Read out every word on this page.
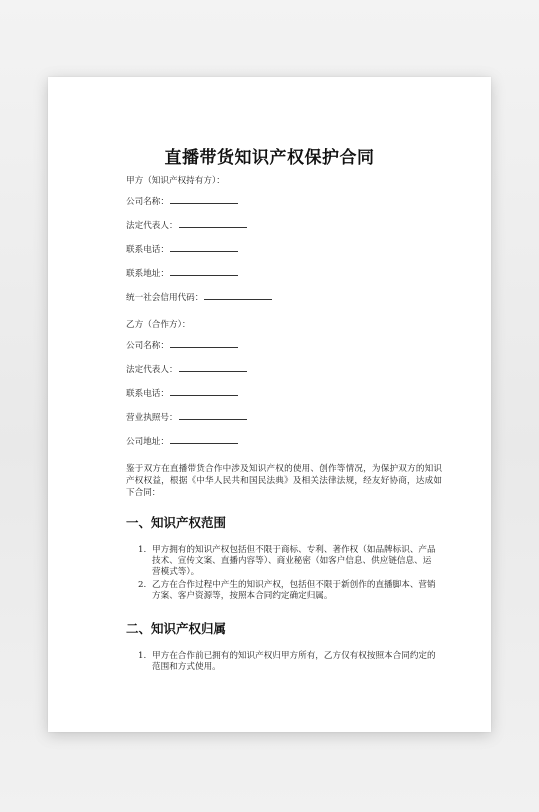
直播带货知识产权保护合同
甲方（知识产权持有方）：
公司名称：
法定代表人：
联系电话：
联系地址：
统一社会信用代码：
乙方（合作方）：
公司名称：
法定代表人：
联系电话：
营业执照号：
公司地址：
鉴于双方在直播带货合作中涉及知识产权的使用、创作等情况，为保护双方的知识产权权益，根据《中华人民共和国民法典》及相关法律法规，经友好协商，达成如下合同：
一、知识产权范围
1. 甲方拥有的知识产权包括但不限于商标、专利、著作权（如品牌标识、产品技术、宣传文案、直播内容等）、商业秘密（如客户信息、供应链信息、运营模式等）。
2. 乙方在合作过程中产生的知识产权，包括但不限于新创作的直播脚本、营销方案、客户资源等，按照本合同约定确定归属。
二、知识产权归属
1. 甲方在合作前已拥有的知识产权归甲方所有，乙方仅有权按照本合同约定的范围和方式使用。
